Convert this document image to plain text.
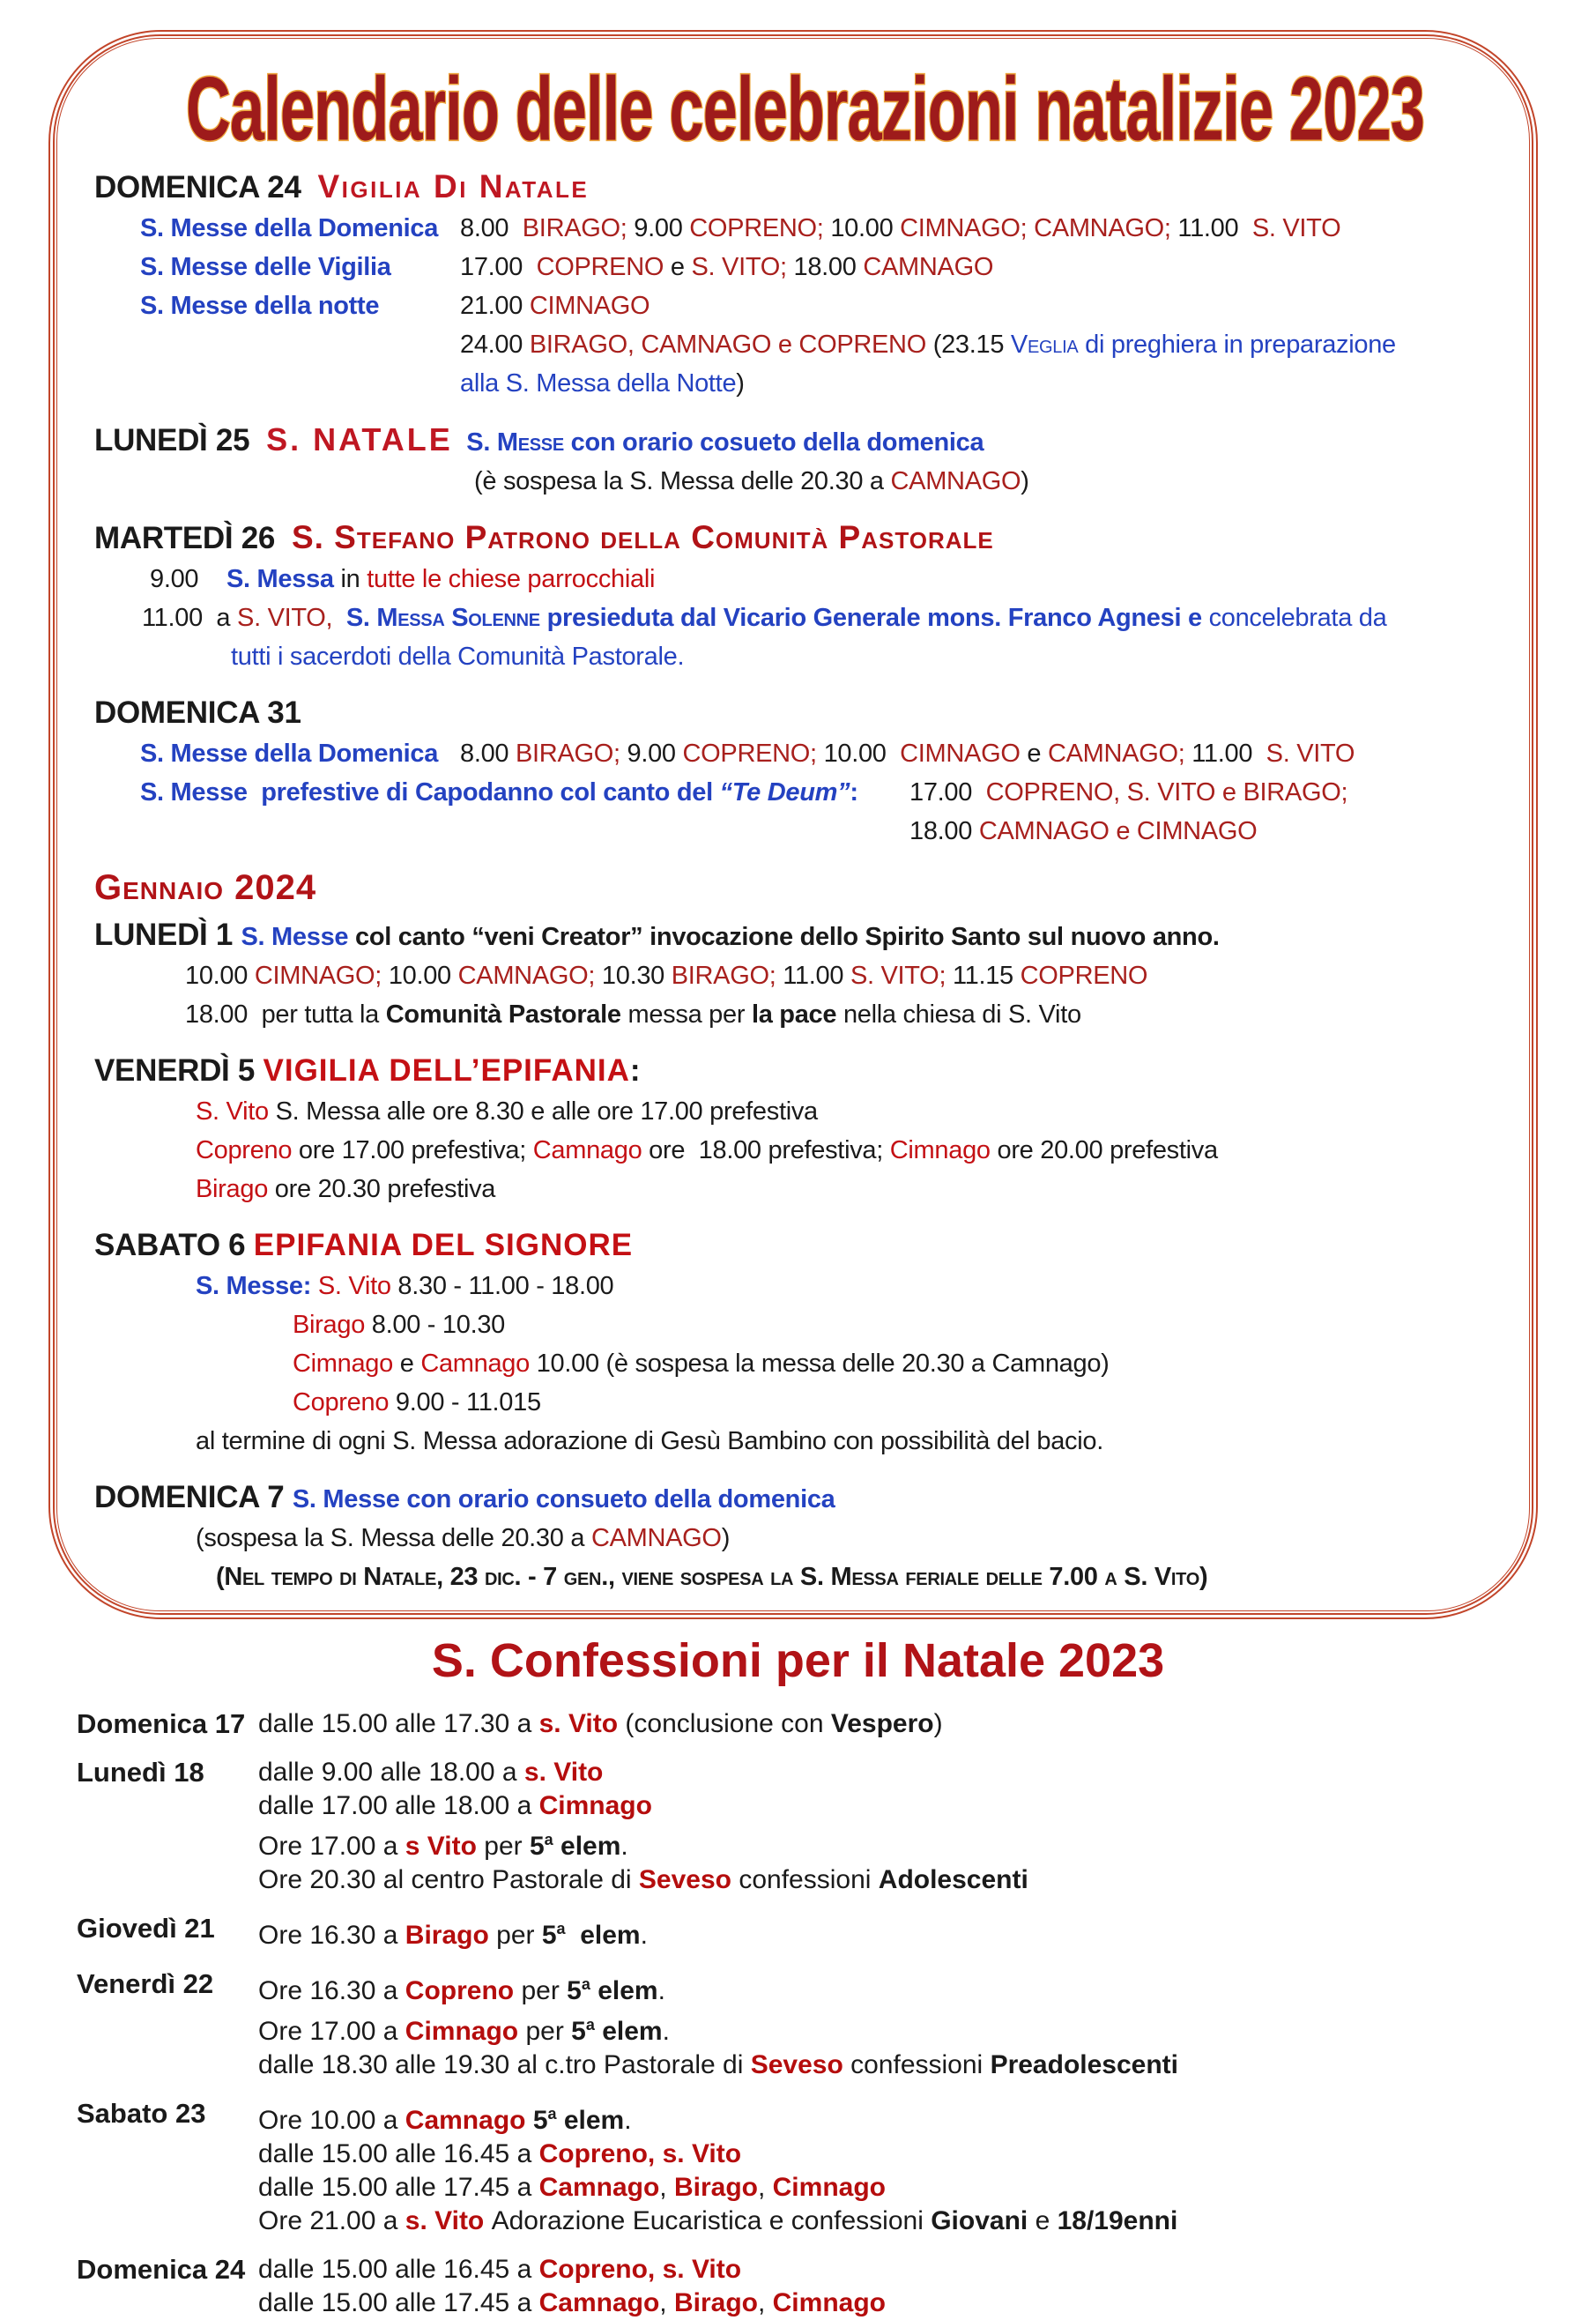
Calendario delle celebrazioni natalizie 2023
DOMENICA 24  Vigilia Di Natale
S. Messe della Domenica 8.00  BIRAGO; 9.00 COPRENO; 10.00 CIMNAGO; CAMNAGO; 11.00  S. VITO
S. Messe delle Vigilia	17.00  COPRENO e S. VITO; 18.00 CAMNAGO
S. Messe della notte	21.00 CIMNAGO
24.00 BIRAGO, CAMNAGO e COPRENO (23.15 Veglia di preghiera in preparazione
alla S. Messa della Notte)
LUNEDÌ 25  S. NATALE S. Messe con orario cosueto della domenica
(è sospesa la S. Messa delle 20.30 a CAMNAGO)
MARTEDÌ 26  S. Stefano Patrono della Comunità Pastorale
9.00 S. Messa in tutte le chiese parrocchiali
11.00  a S. VITO, S. Messa Solenne presieduta dal Vicario Generale mons. Franco Agnesi e concelebrata da
tutti i sacerdoti della Comunità Pastorale.
DOMENICA 31
S. Messe della Domenica 8.00 BIRAGO; 9.00 COPRENO; 10.00  CIMNAGO e CAMNAGO; 11.00  S. VITO
S. Messe  prefestive di Capodanno col canto del “Te Deum”: 17.00  COPRENO, S. VITO e BIRAGO;
18.00 CAMNAGO e CIMNAGO
Gennaio 2024
LUNEDÌ 1 S. Messe col canto “veni Creator” invocazione dello Spirito Santo sul nuovo anno.
10.00 CIMNAGO; 10.00 CAMNAGO; 10.30 BIRAGO; 11.00 S. VITO; 11.15 COPRENO
18.00  per tutta la Comunità Pastorale messa per la pace nella chiesa di S. Vito
VENERDÌ 5 VIGILIA DELL’EPIFANIA:
S. Vito S. Messa alle ore 8.30 e alle ore 17.00 prefestiva
Copreno ore 17.00 prefestiva; Camnago ore  18.00 prefestiva; Cimnago ore 20.00 prefestiva
Birago ore 20.30 prefestiva
SABATO 6 EPIFANIA DEL SIGNORE
S. Messe: S. Vito 8.30 - 11.00 - 18.00
Birago 8.00 - 10.30
Cimnago e Camnago 10.00 (è sospesa la messa delle 20.30 a Camnago)
Copreno 9.00 - 11.015
al termine di ogni S. Messa adorazione di Gesù Bambino con possibilità del bacio.
DOMENICA 7 S. Messe con orario consueto della domenica
(sospesa la S. Messa delle 20.30 a CAMNAGO)
(Nel tempo di Natale, 23 dic. - 7 gen., viene sospesa la S. Messa feriale delle 7.00 a S. Vito)
S. Confessioni per il Natale 2023
Domenica 17 dalle 15.00 alle 17.30 a s. Vito (conclusione con Vespero)
Lunedì 18	dalle 9.00 alle 18.00 a s. Vito
dalle 17.00 alle 18.00 a Cimnago
Ore 17.00 a s Vito per 5$^a$ elem.
Ore 20.30 al centro Pastorale di Seveso confessioni Adolescenti
Giovedì 21	Ore 16.30 a Birago per 5$^a$  elem.
Venerdì 22	Ore 16.30 a Copreno per 5$^a$ elem.
Ore 17.00 a Cimnago per 5$^a$ elem.
dalle 18.30 alle 19.30 al c.tro Pastorale di Seveso confessioni Preadolescenti
Sabato 23	Ore 10.00 a Camnago 5$^a$ elem.
dalle 15.00 alle 16.45 a Copreno, s. Vito
dalle 15.00 alle 17.45 a Camnago, Birago, Cimnago
Ore 21.00 a s. Vito Adorazione Eucaristica e confessioni Giovani e 18/19enni
Domenica 24 dalle 15.00 alle 16.45 a Copreno, s. Vito
dalle 15.00 alle 17.45 a Camnago, Birago, Cimnago
